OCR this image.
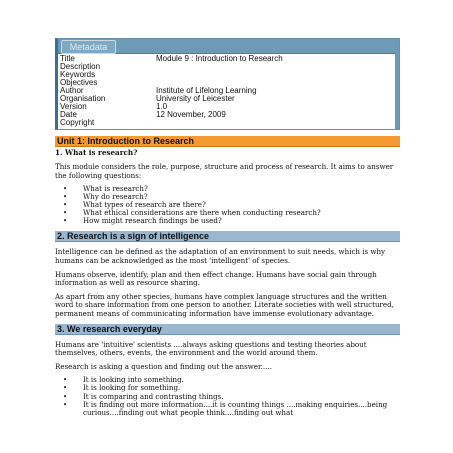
Metadata
Title	Module 9 : Introduction to Research
Description
Keywords
Objectives
Author	Institute of Lifelong Learning
Organisation	University of Leicester
Version	1.0
Date	12 November, 2009
Copyright
Unit 1: Introduction to Research
1. What is research?

This module considers the role, purpose, structure and process of research. It aims to answer the following questions:

• What is research?
• Why do research?
• What types of research are there?
• What ethical considerations are there when conducting research?
• How might research findings be used?
2. Research is a sign of intelligence

Intelligence can be defined as the adaptation of an environment to suit needs, which is why humans can be acknowledged as the most 'intelligent' of species.

Humans observe, identify, plan and then effect change. Humans have social gain through information as well as resource sharing.

As apart from any other species, humans have complex language structures and the written word to share information from one person to another. Literate societies with well structured, permanent means of communicating information have immense evolutionary advantage.

3. We research everyday

Humans are 'intuitive' scientists ....always asking questions and testing theories about themselves, others, events, the environment and the world around them.

Research is asking a question and finding out the answer.....

• It is looking into something.
• It is looking for something.
• It is comparing and contrasting things.
• It is finding out more information....it is counting things ....making enquiries....being curious....finding out what people think....finding out what
